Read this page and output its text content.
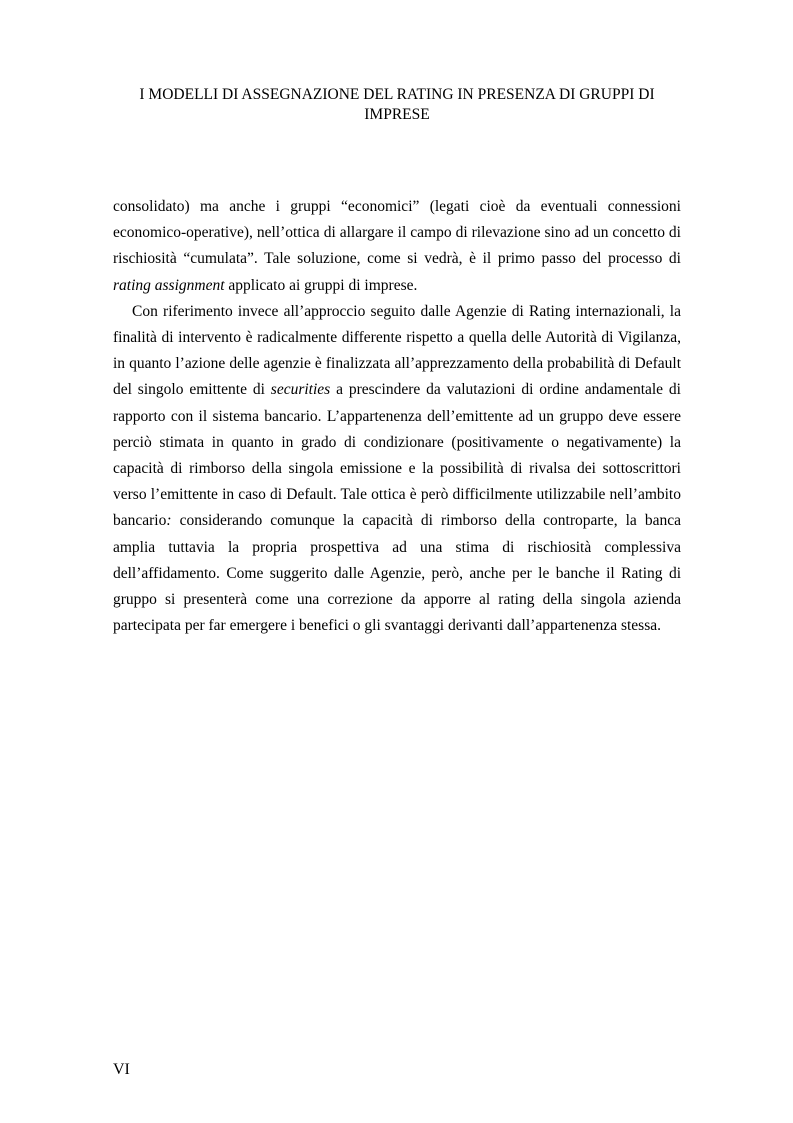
I MODELLI DI ASSEGNAZIONE DEL RATING IN PRESENZA DI GRUPPI DI
IMPRESE

consolidato) ma anche i gruppi “economici” (legati cioè da eventuali connessioni economico-operative), nell’ottica di allargare il campo di rilevazione sino ad un concetto di rischiosità “cumulata”. Tale soluzione, come si vedrà, è il primo passo del processo di rating assignment applicato ai gruppi di imprese.

Con riferimento invece all’approccio seguito dalle Agenzie di Rating internazionali, la finalità di intervento è radicalmente differente rispetto a quella delle Autorità di Vigilanza, in quanto l’azione delle agenzie è finalizzata all’apprezzamento della probabilità di Default del singolo emittente di securities a prescindere da valutazioni di ordine andamentale di rapporto con il sistema bancario. L’appartenenza dell’emittente ad un gruppo deve essere perciò stimata in quanto in grado di condizionare (positivamente o negativamente) la capacità di rimborso della singola emissione e la possibilità di rivalsa dei sottoscrittori verso l’emittente in caso di Default. Tale ottica è però difficilmente utilizzabile nell’ambito bancario: considerando comunque la capacità di rimborso della controparte, la banca amplia tuttavia la propria prospettiva ad una stima di rischiosità complessiva dell’affidamento. Come suggerito dalle Agenzie, però, anche per le banche il Rating di gruppo si presenterà come una correzione da apporre al rating della singola azienda partecipata per far emergere i benefici o gli svantaggi derivanti dall’appartenenza stessa.

VI
